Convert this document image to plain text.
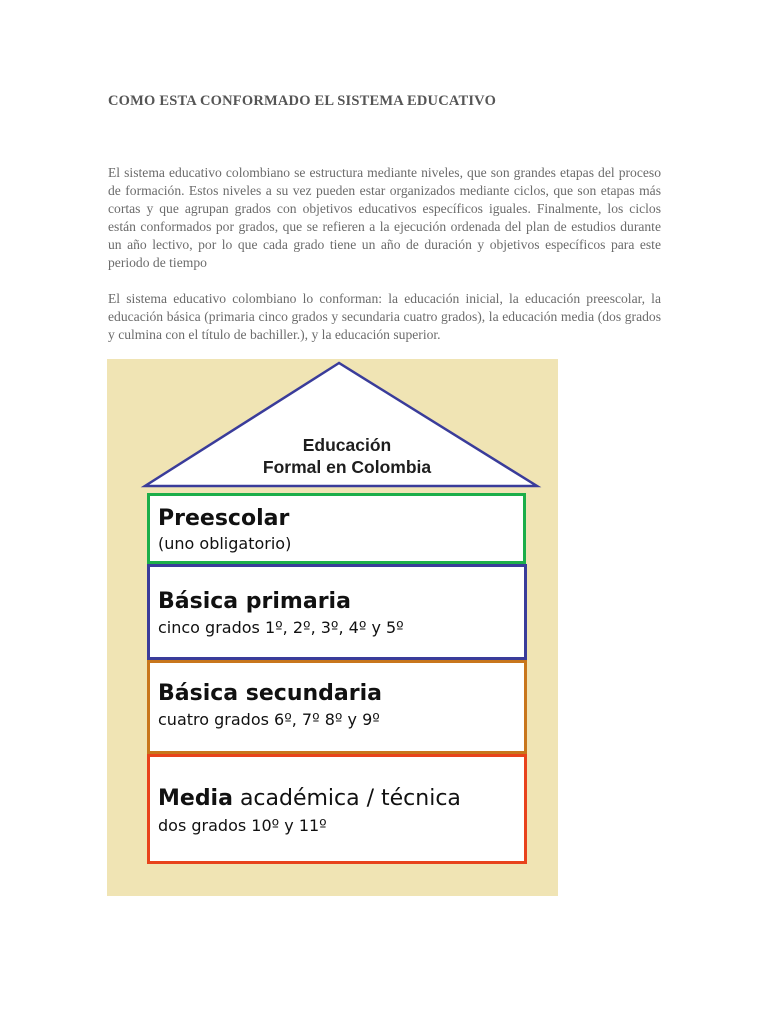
COMO ESTA CONFORMADO EL SISTEMA EDUCATIVO

El sistema educativo colombiano se estructura mediante niveles, que son grandes etapas del proceso de formación. Estos niveles a su vez pueden estar organizados mediante ciclos, que son etapas más cortas y que agrupan grados con objetivos educativos específicos iguales. Finalmente, los ciclos están conformados por grados, que se refieren a la ejecución ordenada del plan de estudios durante un año lectivo, por lo que cada grado tiene un año de duración y objetivos específicos para este periodo de tiempo

El sistema educativo colombiano lo conforman: la educación inicial, la educación preescolar, la educación básica (primaria cinco grados y secundaria cuatro grados), la educación media (dos grados y culmina con el título de bachiller.), y la educación superior.

Educación
Formal en Colombia
Preescolar
(uno obligatorio)
Básica primaria
cinco grados 1º, 2º, 3º, 4º y 5º
Básica secundaria
cuatro grados 6º, 7º 8º y 9º
Media académica / técnica
dos grados 10º y 11º
